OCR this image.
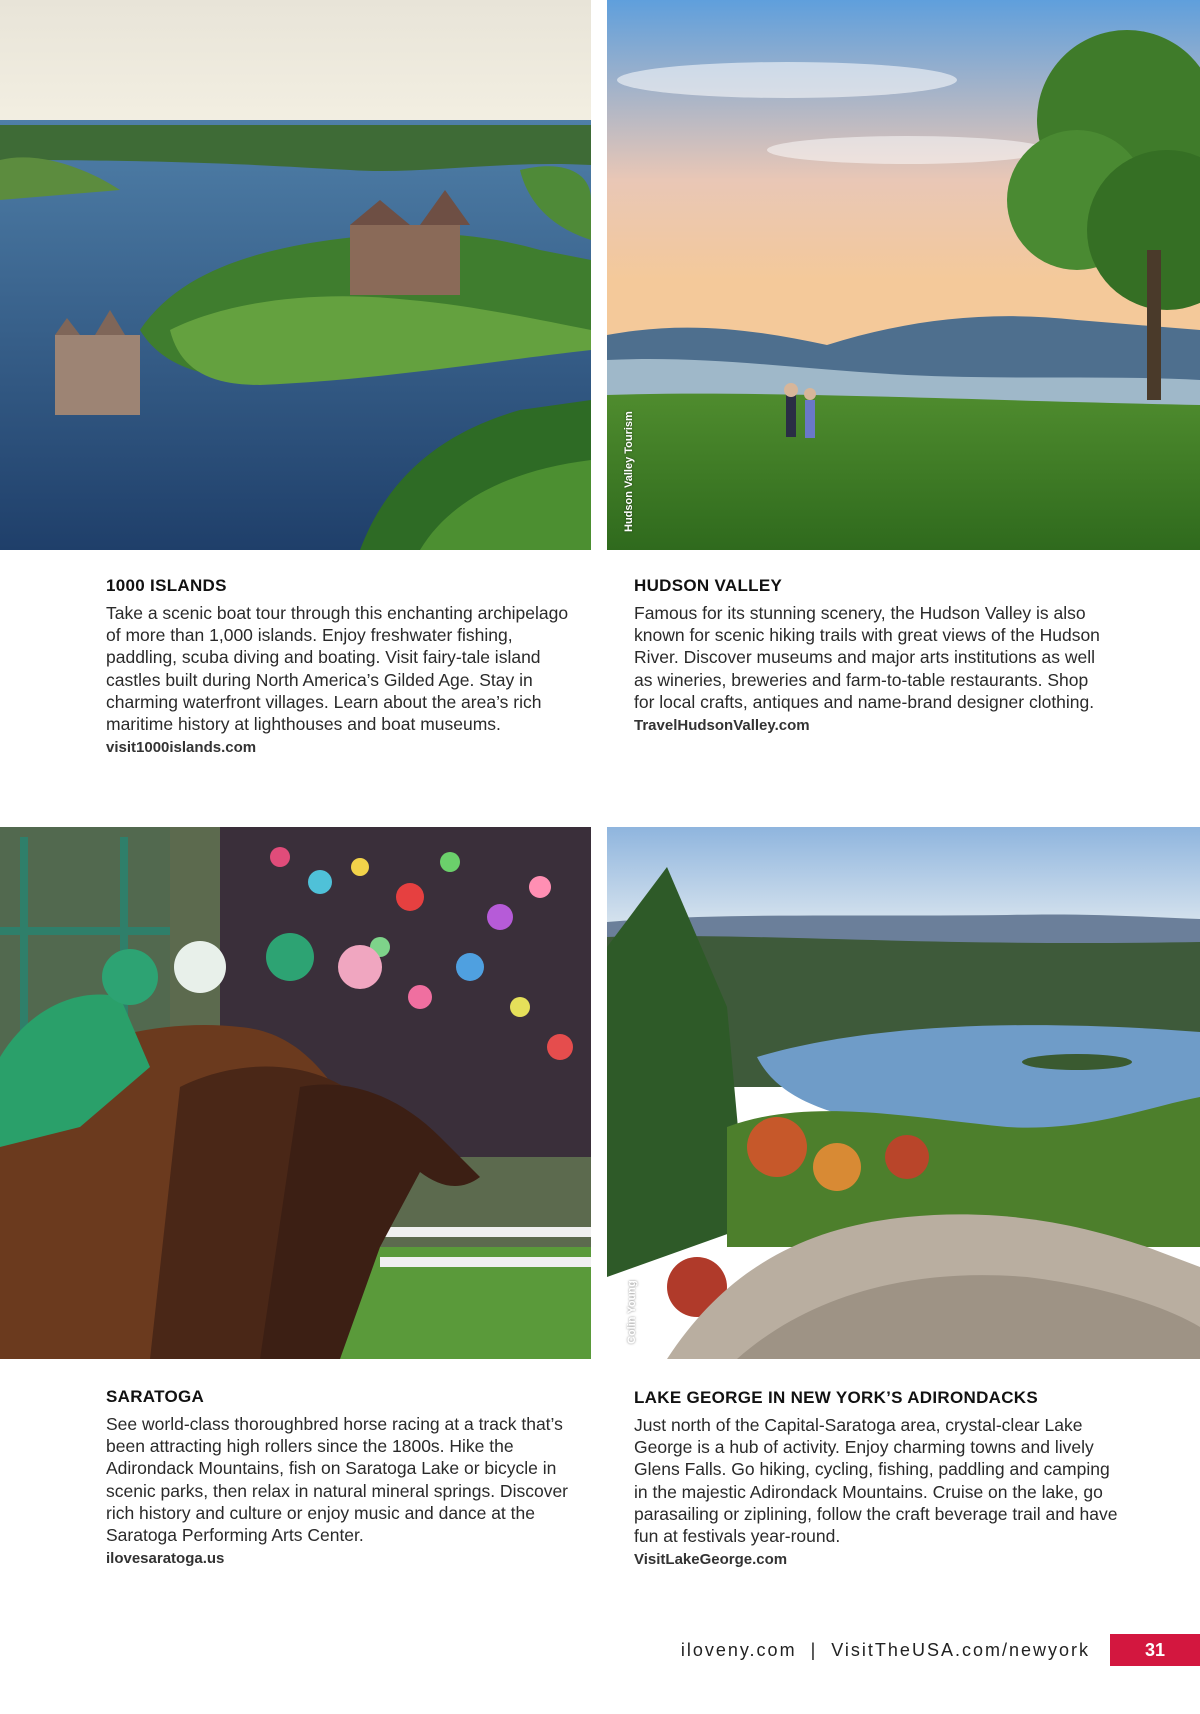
Hudson Valley Tourism
1000 ISLANDS

Take a scenic boat tour through this enchanting archipelago of more than 1,000 islands. Enjoy freshwater fishing, paddling, scuba diving and boating. Visit fairy-tale island castles built during North America’s Gilded Age. Stay in charming waterfront villages. Learn about the area’s rich maritime history at lighthouses and boat museums.

visit1000islands.com
HUDSON VALLEY

Famous for its stunning scenery, the Hudson Valley is also known for scenic hiking trails with great views of the Hudson River. Discover museums and major arts institutions as well as wineries, breweries and farm-to-table restaurants. Shop for local crafts, antiques and name-brand designer clothing.

TravelHudsonValley.com
Colin Young
SARATOGA

See world-class thoroughbred horse racing at a track that’s been attracting high rollers since the 1800s. Hike the Adirondack Mountains, fish on Saratoga Lake or bicycle in scenic parks, then relax in natural mineral springs. Discover rich history and culture or enjoy music and dance at the Saratoga Performing Arts Center.

ilovesaratoga.us
LAKE GEORGE IN NEW YORK’S ADIRONDACKS

Just north of the Capital-Saratoga area, crystal-clear Lake George is a hub of activity. Enjoy charming towns and lively Glens Falls. Go hiking, cycling, fishing, paddling and camping in the majestic Adirondack Mountains. Cruise on the lake, go parasailing or ziplining, follow the craft beverage trail and have fun at festivals year-round.

VisitLakeGeorge.com
iloveny.com | VisitTheUSA.com/newyork	31
